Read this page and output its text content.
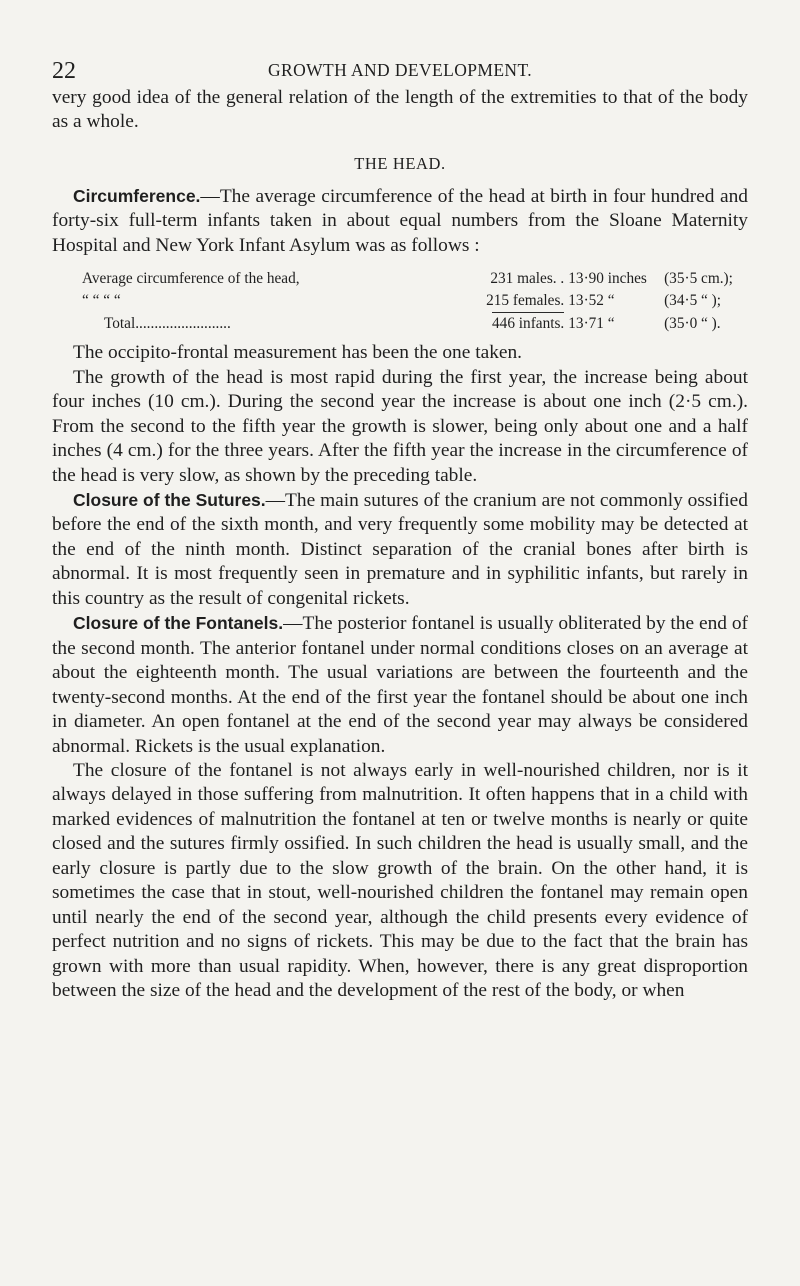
22	GROWTH AND DEVELOPMENT.

very good idea of the general relation of the length of the extremities to that of the body as a whole.

THE HEAD.

Circumference.—The average circumference of the head at birth in four hundred and forty-six full-term infants taken in about equal numbers from the Sloane Maternity Hospital and New York Infant Asylum was as follows :

Average circumference of the head,	231 males. .	13·90 inches	(35·5 cm.);
“ “ “ “	215 females.	13·52 “	(34·5 “ );
Total.........................	446 infants.	13·71 “	(35·0 “ ).

The occipito-frontal measurement has been the one taken.

The growth of the head is most rapid during the first year, the increase being about four inches (10 cm.). During the second year the increase is about one inch (2·5 cm.). From the second to the fifth year the growth is slower, being only about one and a half inches (4 cm.) for the three years. After the fifth year the increase in the circumference of the head is very slow, as shown by the preceding table.

Closure of the Sutures.—The main sutures of the cranium are not commonly ossified before the end of the sixth month, and very frequently some mobility may be detected at the end of the ninth month. Distinct separation of the cranial bones after birth is abnormal. It is most frequently seen in premature and in syphilitic infants, but rarely in this country as the result of congenital rickets.

Closure of the Fontanels.—The posterior fontanel is usually obliterated by the end of the second month. The anterior fontanel under normal conditions closes on an average at about the eighteenth month. The usual variations are between the fourteenth and the twenty-second months. At the end of the first year the fontanel should be about one inch in diameter. An open fontanel at the end of the second year may always be considered abnormal. Rickets is the usual explanation.

The closure of the fontanel is not always early in well-nourished children, nor is it always delayed in those suffering from malnutrition. It often happens that in a child with marked evidences of malnutrition the fontanel at ten or twelve months is nearly or quite closed and the sutures firmly ossified. In such children the head is usually small, and the early closure is partly due to the slow growth of the brain. On the other hand, it is sometimes the case that in stout, well-nourished children the fontanel may remain open until nearly the end of the second year, although the child presents every evidence of perfect nutrition and no signs of rickets. This may be due to the fact that the brain has grown with more than usual rapidity. When, however, there is any great disproportion between the size of the head and the development of the rest of the body, or when
